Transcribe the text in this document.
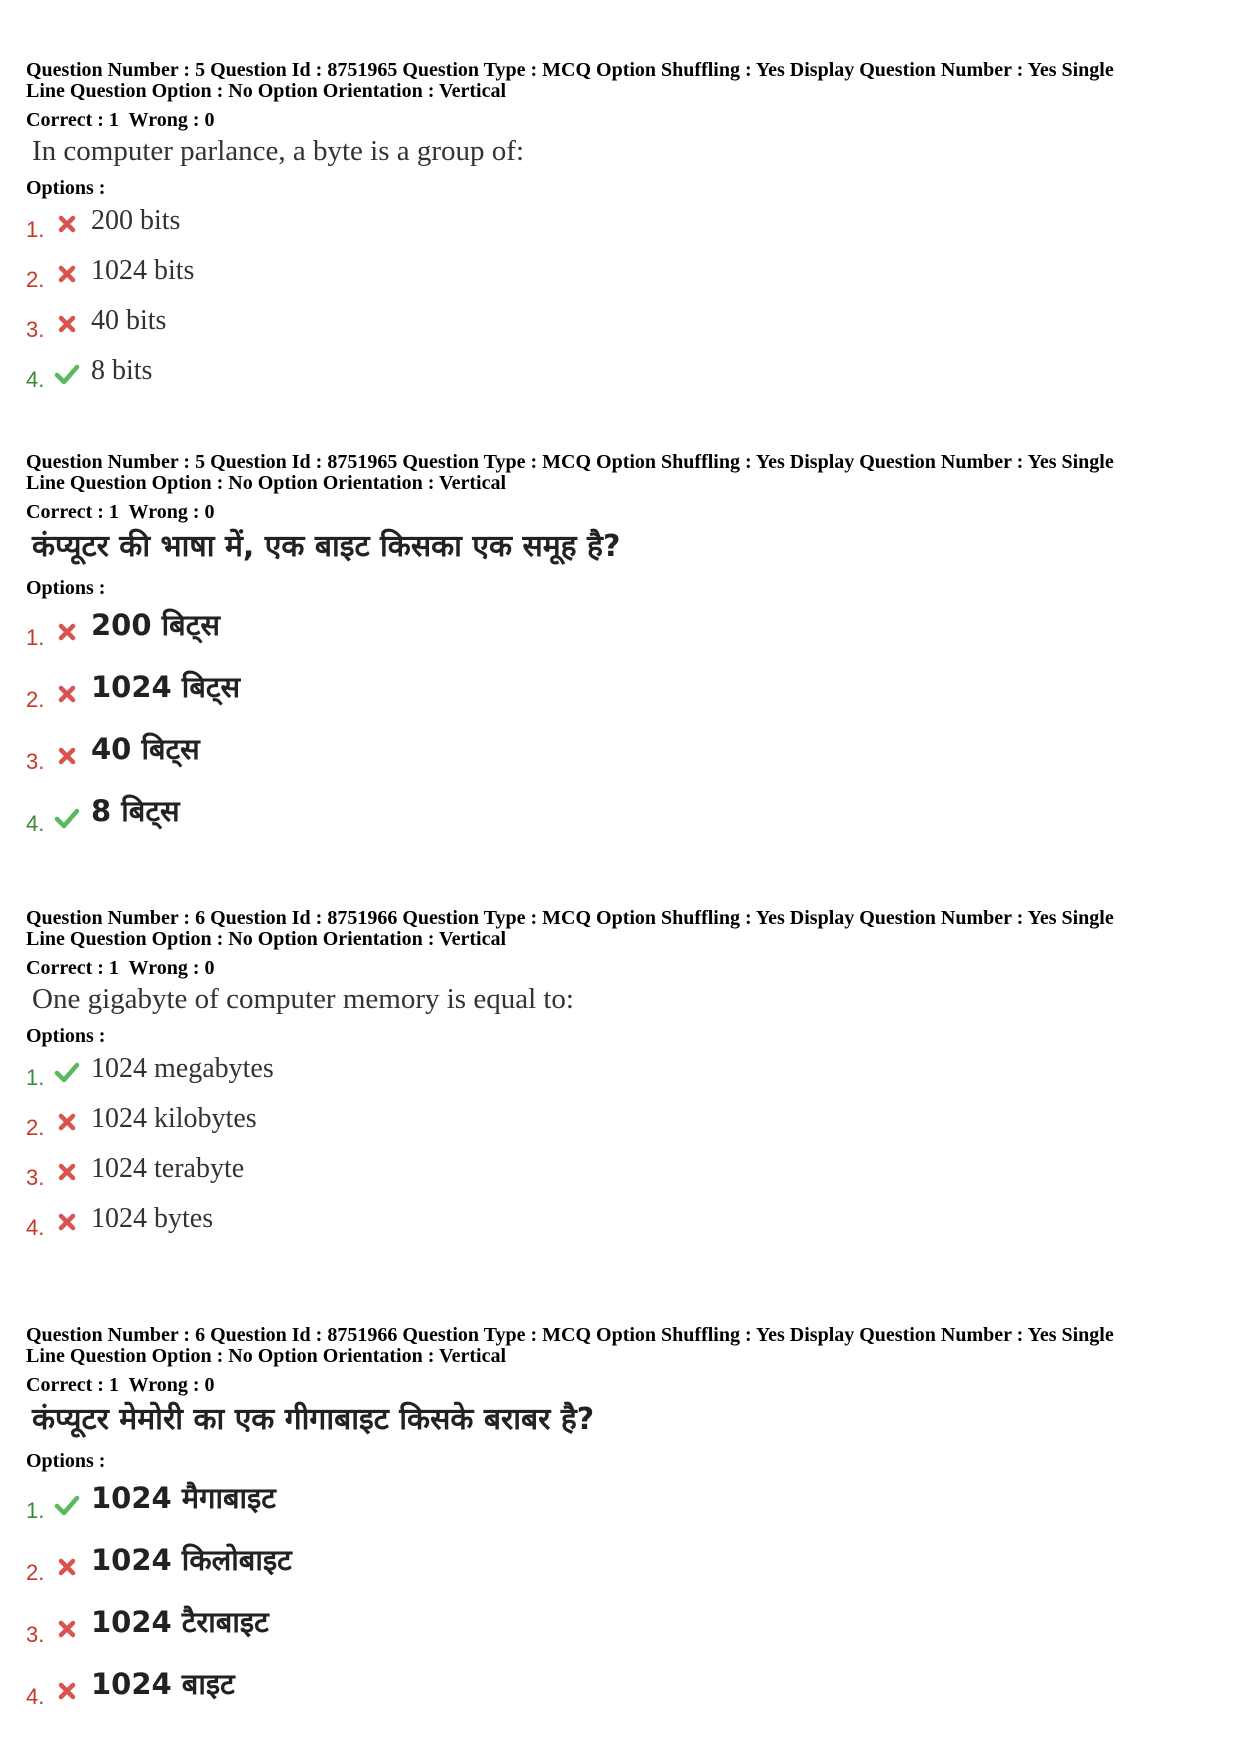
Question Number : 5 Question Id : 8751965 Question Type : MCQ Option Shuffling : Yes Display Question Number : Yes Single
Line Question Option : No Option Orientation : Vertical
Correct : 1  Wrong : 0
In computer parlance, a byte is a group of:
Options :
1. 200 bits
2. 1024 bits
3. 40 bits
4. 8 bits
Question Number : 5 Question Id : 8751965 Question Type : MCQ Option Shuffling : Yes Display Question Number : Yes Single
Line Question Option : No Option Orientation : Vertical
Correct : 1  Wrong : 0
कंप्यूटर की भाषा में, एक बाइट किसका एक समूह है?
Options :
1. 200 बिट्स
2. 1024 बिट्स
3. 40 बिट्स
4. 8 बिट्स
Question Number : 6 Question Id : 8751966 Question Type : MCQ Option Shuffling : Yes Display Question Number : Yes Single
Line Question Option : No Option Orientation : Vertical
Correct : 1  Wrong : 0
One gigabyte of computer memory is equal to:
Options :
1. 1024 megabytes
2. 1024 kilobytes
3. 1024 terabyte
4. 1024 bytes
Question Number : 6 Question Id : 8751966 Question Type : MCQ Option Shuffling : Yes Display Question Number : Yes Single
Line Question Option : No Option Orientation : Vertical
Correct : 1  Wrong : 0
कंप्यूटर मेमोरी का एक गीगाबाइट किसके बराबर है?
Options :
1. 1024 मैगाबाइट
2. 1024 किलोबाइट
3. 1024 टैराबाइट
4. 1024 बाइट
